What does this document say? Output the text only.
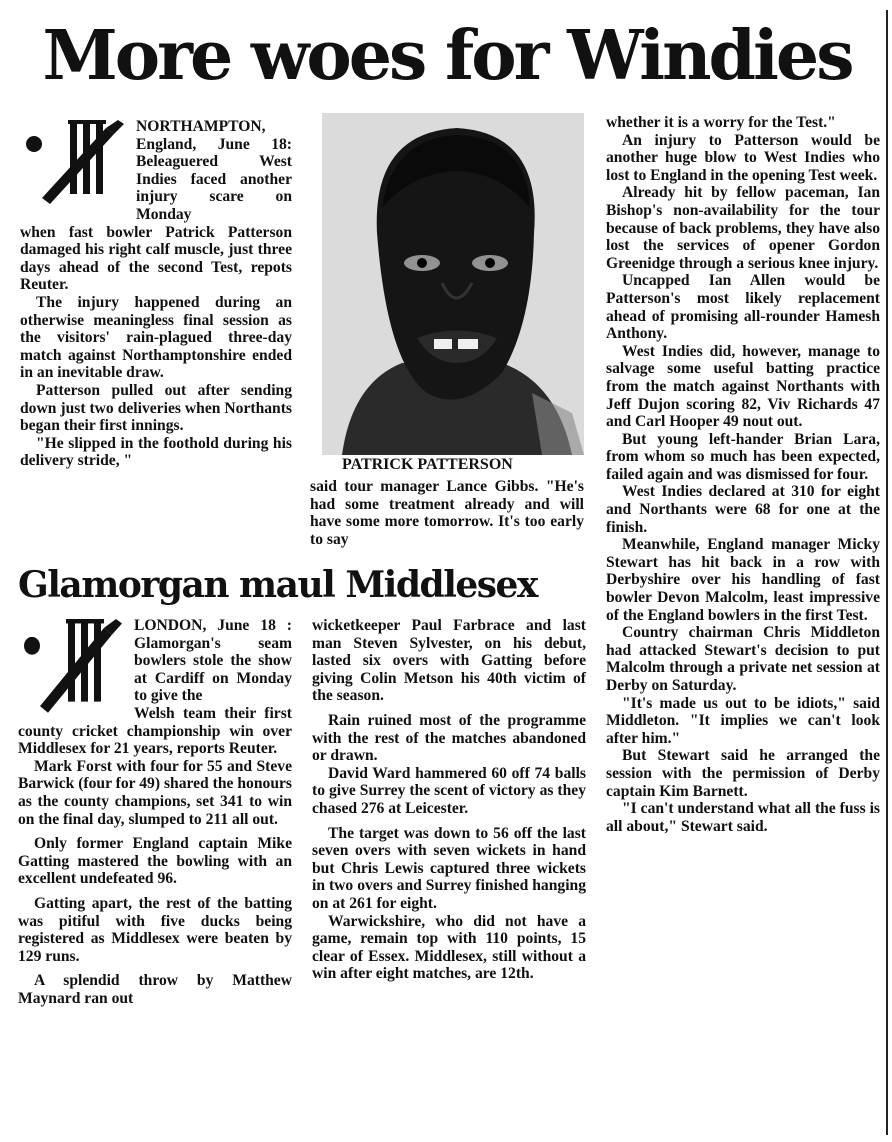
More woes for Windies

NORTHAMPTON, England, June 18: Beleaguered West Indies faced another injury scare on Monday

when fast bowler Patrick Patterson damaged his right calf muscle, just three days ahead of the second Test, repots Reuter.

The injury happened during an otherwise meaningless final session as the visitors' rain-plagued three-day match against Northamptonshire ended in an inevitable draw.

Patterson pulled out after sending down just two deliveries when Northants began their first innings.

"He slipped in the foothold during his delivery stride, "	PATRICK PATTERSON

said tour manager Lance Gibbs. "He's had some treatment already and will have some more tomorrow. It's too early to say

whether it is a worry for the Test."

An injury to Patterson would be another huge blow to West Indies who lost to England in the opening Test week.

Already hit by fellow paceman, Ian Bishop's non-availability for the tour because of back problems, they have also lost the services of opener Gordon Greenidge through a serious knee injury.

Uncapped Ian Allen would be Patterson's most likely replacement ahead of promising all-rounder Hamesh Anthony.

West Indies did, however, manage to salvage some useful batting practice from the match against Northants with Jeff Dujon scoring 82, Viv Richards 47 and Carl Hooper 49 nout out.

But young left-hander Brian Lara, from whom so much has been expected, failed again and was dismissed for four.

West Indies declared at 310 for eight and Northants were 68 for one at the finish.

Meanwhile, England manager Micky Stewart has hit back in a row with Derbyshire over his handling of fast bowler Devon Malcolm, least impressive of the England bowlers in the first Test.

Country chairman Chris Middleton had attacked Stewart's decision to put Malcolm through a private net session at Derby on Saturday.

"It's made us out to be idiots," said Middleton. "It implies we can't look after him."

But Stewart said he arranged the session with the permission of Derby captain Kim Barnett.

"I can't understand what all the fuss is all about," Stewart said.

Glamorgan maul Middlesex

LONDON, June 18 : Glamorgan's seam bowlers stole the show at Cardiff on Monday to give the

Welsh team their first county cricket championship win over Middlesex for 21 years, reports Reuter.

Mark Forst with four for 55 and Steve Barwick (four for 49) shared the honours as the county champions, set 341 to win on the final day, slumped to 211 all out.

Only former England captain Mike Gatting mastered the bowling with an excellent undefeated 96.

Gatting apart, the rest of the batting was pitiful with five ducks being registered as Middlesex were beaten by 129 runs.

A splendid throw by Matthew Maynard ran out

wicketkeeper Paul Farbrace and last man Steven Sylvester, on his debut, lasted six overs with Gatting before giving Colin Metson his 40th victim of the season.

Rain ruined most of the programme with the rest of the matches abandoned or drawn.

David Ward hammered 60 off 74 balls to give Surrey the scent of victory as they chased 276 at Leicester.

The target was down to 56 off the last seven overs with seven wickets in hand but Chris Lewis captured three wickets in two overs and Surrey finished hanging on at 261 for eight.

Warwickshire, who did not have a game, remain top with 110 points, 15 clear of Essex. Middlesex, still without a win after eight matches, are 12th.
